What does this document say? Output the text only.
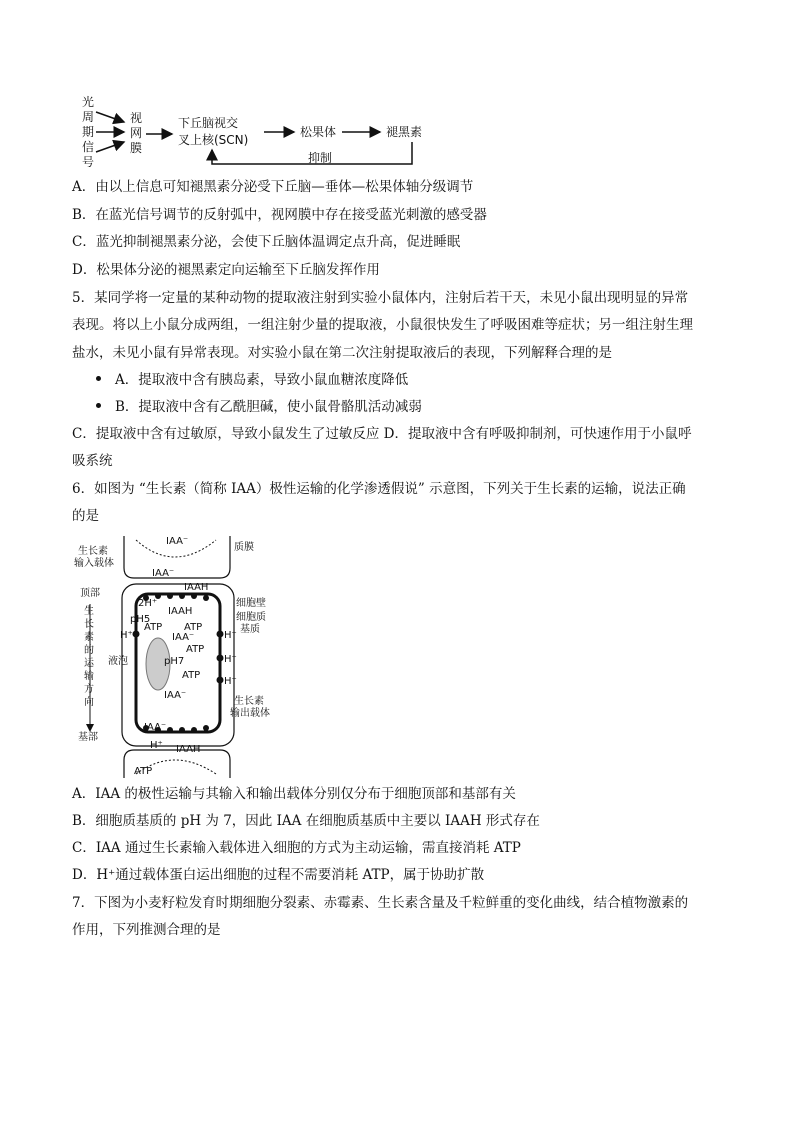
光
周
期
信
号
视
网
膜
下丘脑视交
叉上核(SCN)
松果体	褪黑素
抑制
A．由以上信息可知褪黑素分泌受下丘脑—垂体—松果体轴分级调节
B．在蓝光信号调节的反射弧中，视网膜中存在接受蓝光刺激的感受器
C．蓝光抑制褪黑素分泌，会使下丘脑体温调定点升高，促进睡眠
D．松果体分泌的褪黑素定向运输至下丘脑发挥作用
5．某同学将一定量的某种动物的提取液注射到实验小鼠体内，注射后若干天，未见小鼠出现明显的异常
表现。将以上小鼠分成两组，一组注射少量的提取液，小鼠很快发生了呼吸困难等症状；另一组注射生理
盐水，未见小鼠有异常表现。对实验小鼠在第二次注射提取液后的表现，下列解释合理的是
A．提取液中含有胰岛素，导致小鼠血糖浓度降低
B．提取液中含有乙酰胆碱，使小鼠骨骼肌活动减弱
C．提取液中含有过敏原，导致小鼠发生了过敏反应 D．提取液中含有呼吸抑制剂，可快速作用于小鼠呼
吸系统
6．如图为 “生长素（简称 IAA）极性运输的化学渗透假说” 示意图，下列关于生长素的运输，说法正确
的是
生长素
输入载体
质膜
顶部
基部
液泡
细胞壁
细胞质
基质
生长素
输出载体
IAA⁻
IAA⁻
IAAH
2H⁺
IAAH
pH5
ATP ATP
H⁺	IAA⁻	H⁺
ATP
pH7	H⁺
ATP
H⁺
IAA⁻
IAA⁻
H⁺ IAAH
ATP
生
长
素
的
运
输
方
向
A．IAA 的极性运输与其输入和输出载体分别仅分布于细胞顶部和基部有关
B．细胞质基质的 pH 为 7，因此 IAA 在细胞质基质中主要以 IAAH 形式存在
C．IAA 通过生长素输入载体进入细胞的方式为主动运输，需直接消耗 ATP
D．H⁺通过载体蛋白运出细胞的过程不需要消耗 ATP，属于协助扩散
7．下图为小麦籽粒发育时期细胞分裂素、赤霉素、生长素含量及千粒鲜重的变化曲线，结合植物激素的
作用，下列推测合理的是
